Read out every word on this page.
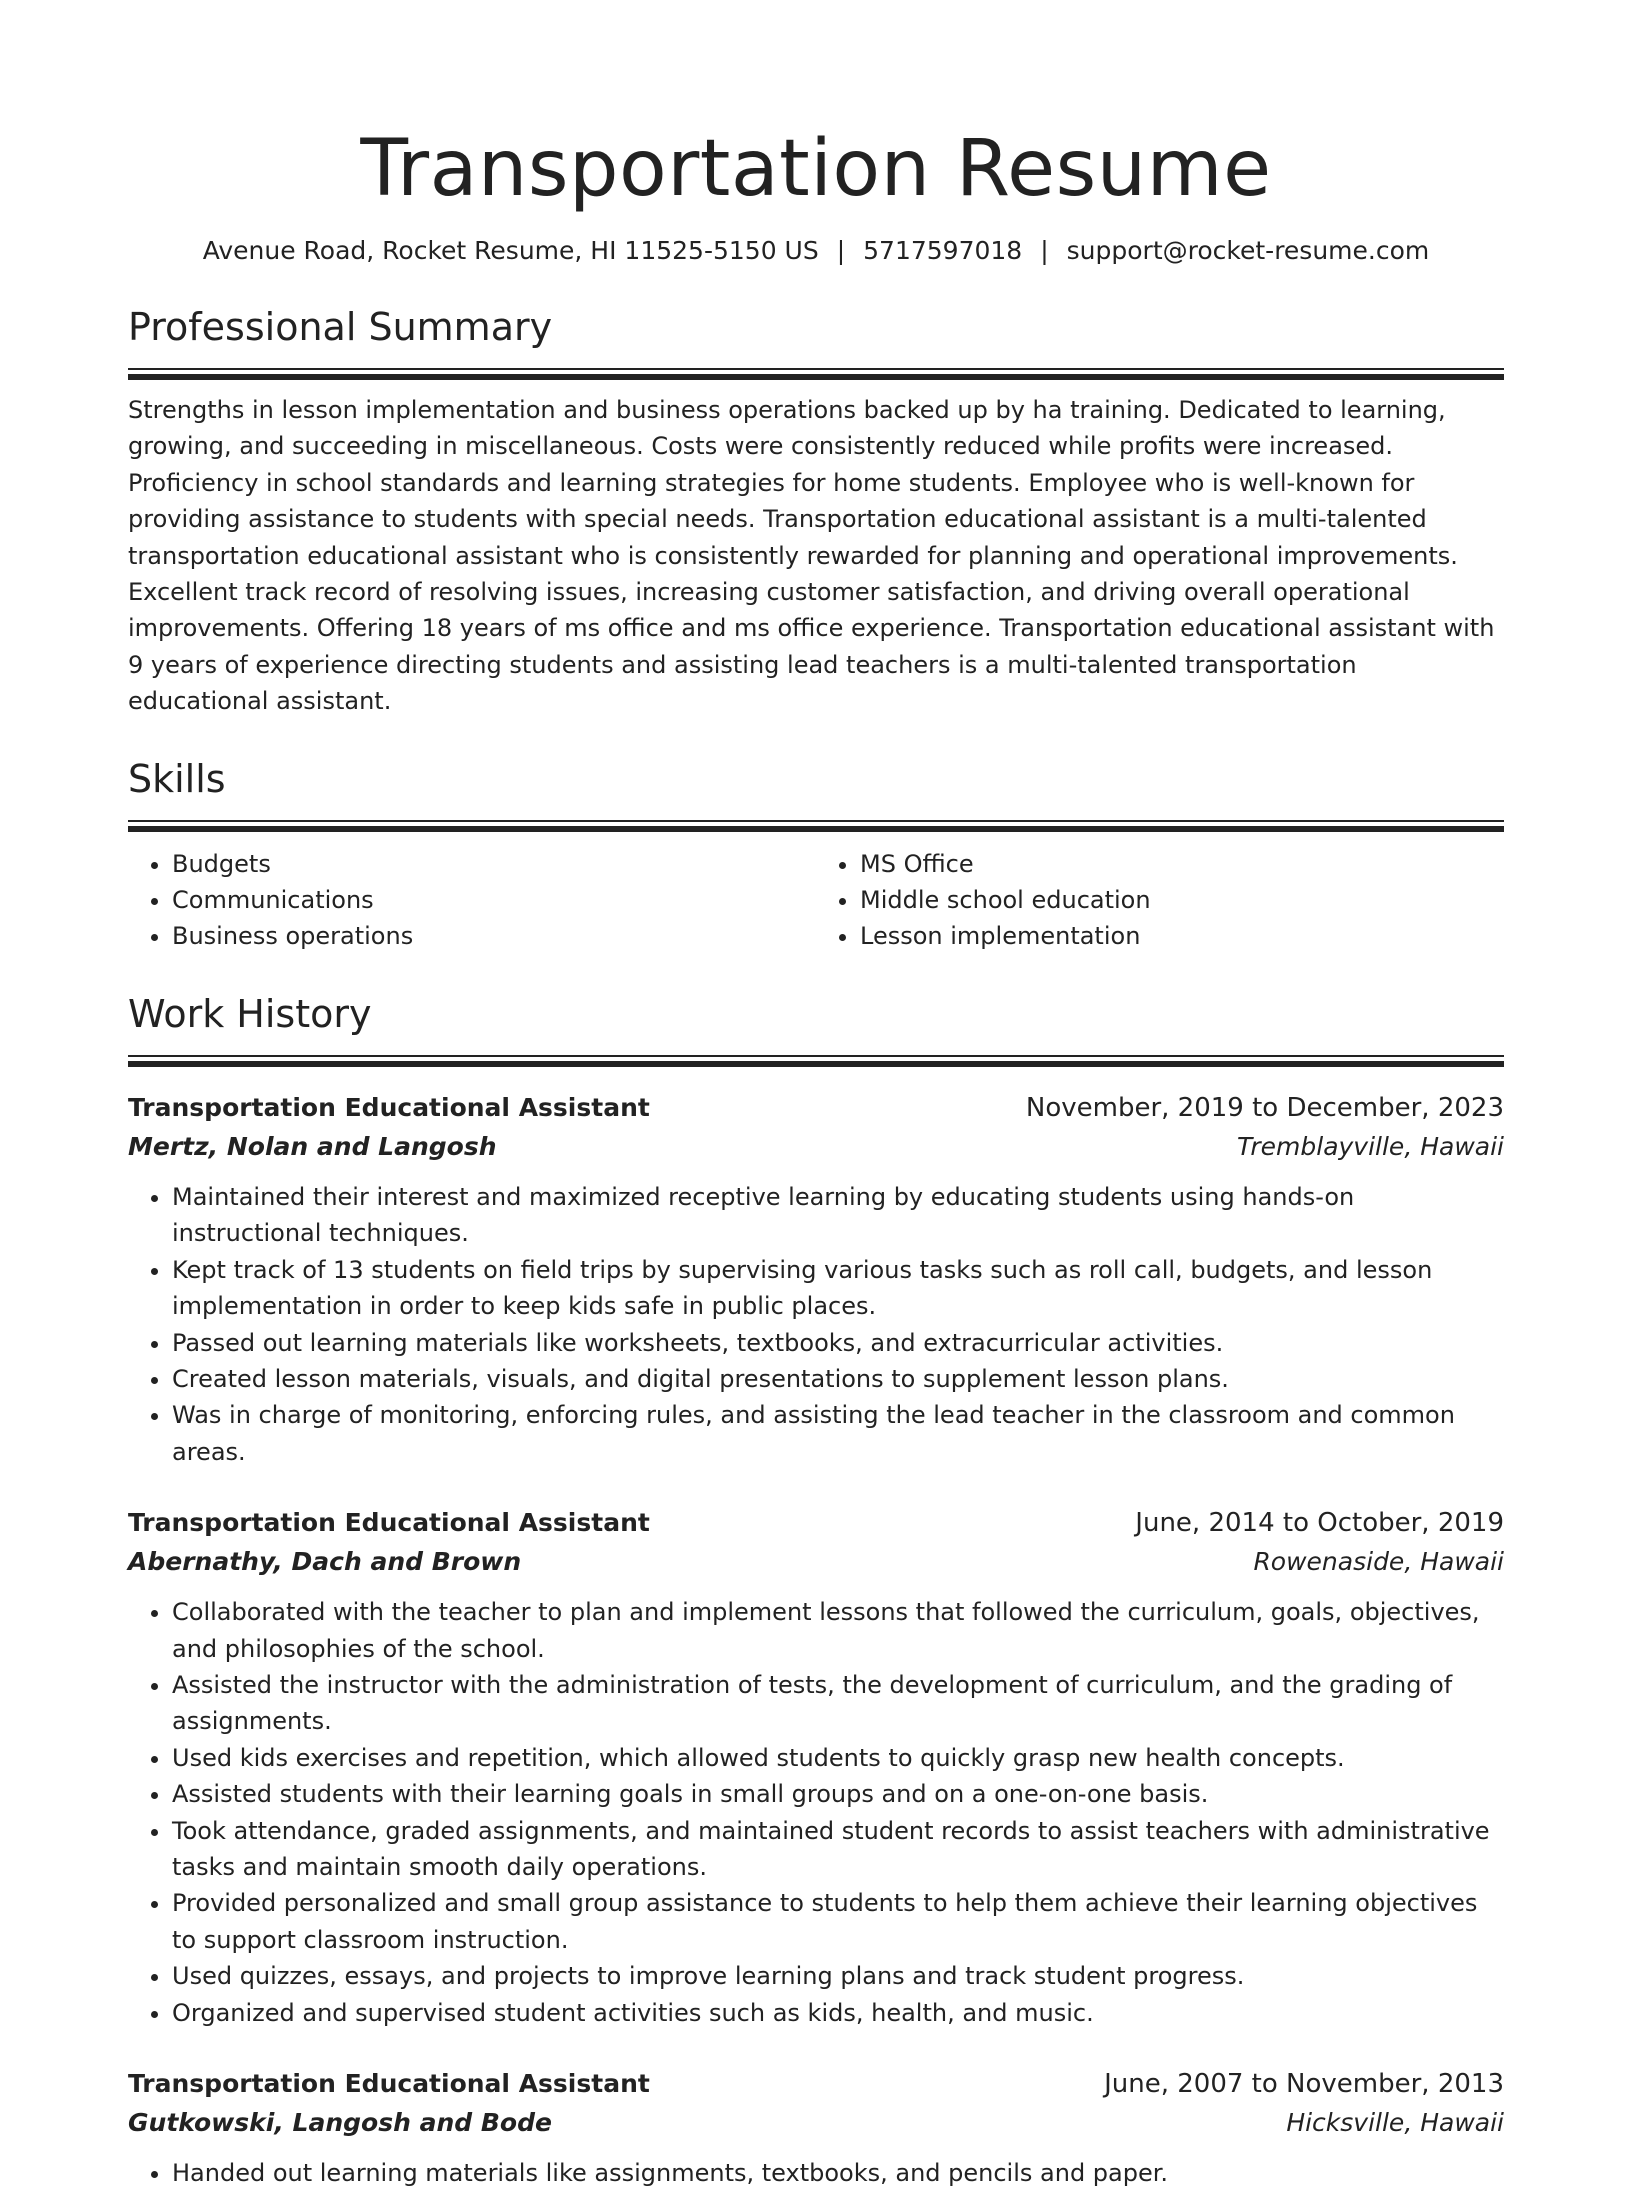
Transportation Resume
Avenue Road, Rocket Resume, HI 11525-5150 US | 5717597018 | support@rocket-resume.com
Professional Summary

Strengths in lesson implementation and business operations backed up by ha training. Dedicated to learning, growing, and succeeding in miscellaneous. Costs were consistently reduced while profits were increased. Proficiency in school standards and learning strategies for home students. Employee who is well-known for providing assistance to students with special needs. Transportation educational assistant is a multi-talented transportation educational assistant who is consistently rewarded for planning and operational improvements. Excellent track record of resolving issues, increasing customer satisfaction, and driving overall operational improvements. Offering 18 years of ms office and ms office experience. Transportation educational assistant with 9 years of experience directing students and assisting lead teachers is a multi-talented transportation educational assistant.

Skills
• Budgets
• Communications
• Business operations
• MS Office
• Middle school education
• Lesson implementation
Work History
Transportation Educational Assistant	November, 2019 to December, 2023
Mertz, Nolan and Langosh	Tremblayville, Hawaii
• Maintained their interest and maximized receptive learning by educating students using hands-on instructional techniques.
• Kept track of 13 students on field trips by supervising various tasks such as roll call, budgets, and lesson implementation in order to keep kids safe in public places.
• Passed out learning materials like worksheets, textbooks, and extracurricular activities.
• Created lesson materials, visuals, and digital presentations to supplement lesson plans.
• Was in charge of monitoring, enforcing rules, and assisting the lead teacher in the classroom and common areas.
Transportation Educational Assistant	June, 2014 to October, 2019
Abernathy, Dach and Brown	Rowenaside, Hawaii
• Collaborated with the teacher to plan and implement lessons that followed the curriculum, goals, objectives, and philosophies of the school.
• Assisted the instructor with the administration of tests, the development of curriculum, and the grading of assignments.
• Used kids exercises and repetition, which allowed students to quickly grasp new health concepts.
• Assisted students with their learning goals in small groups and on a one-on-one basis.
• Took attendance, graded assignments, and maintained student records to assist teachers with administrative tasks and maintain smooth daily operations.
• Provided personalized and small group assistance to students to help them achieve their learning objectives to support classroom instruction.
• Used quizzes, essays, and projects to improve learning plans and track student progress.
• Organized and supervised student activities such as kids, health, and music.
Transportation Educational Assistant	June, 2007 to November, 2013
Gutkowski, Langosh and Bode	Hicksville, Hawaii
• Handed out learning materials like assignments, textbooks, and pencils and paper.
